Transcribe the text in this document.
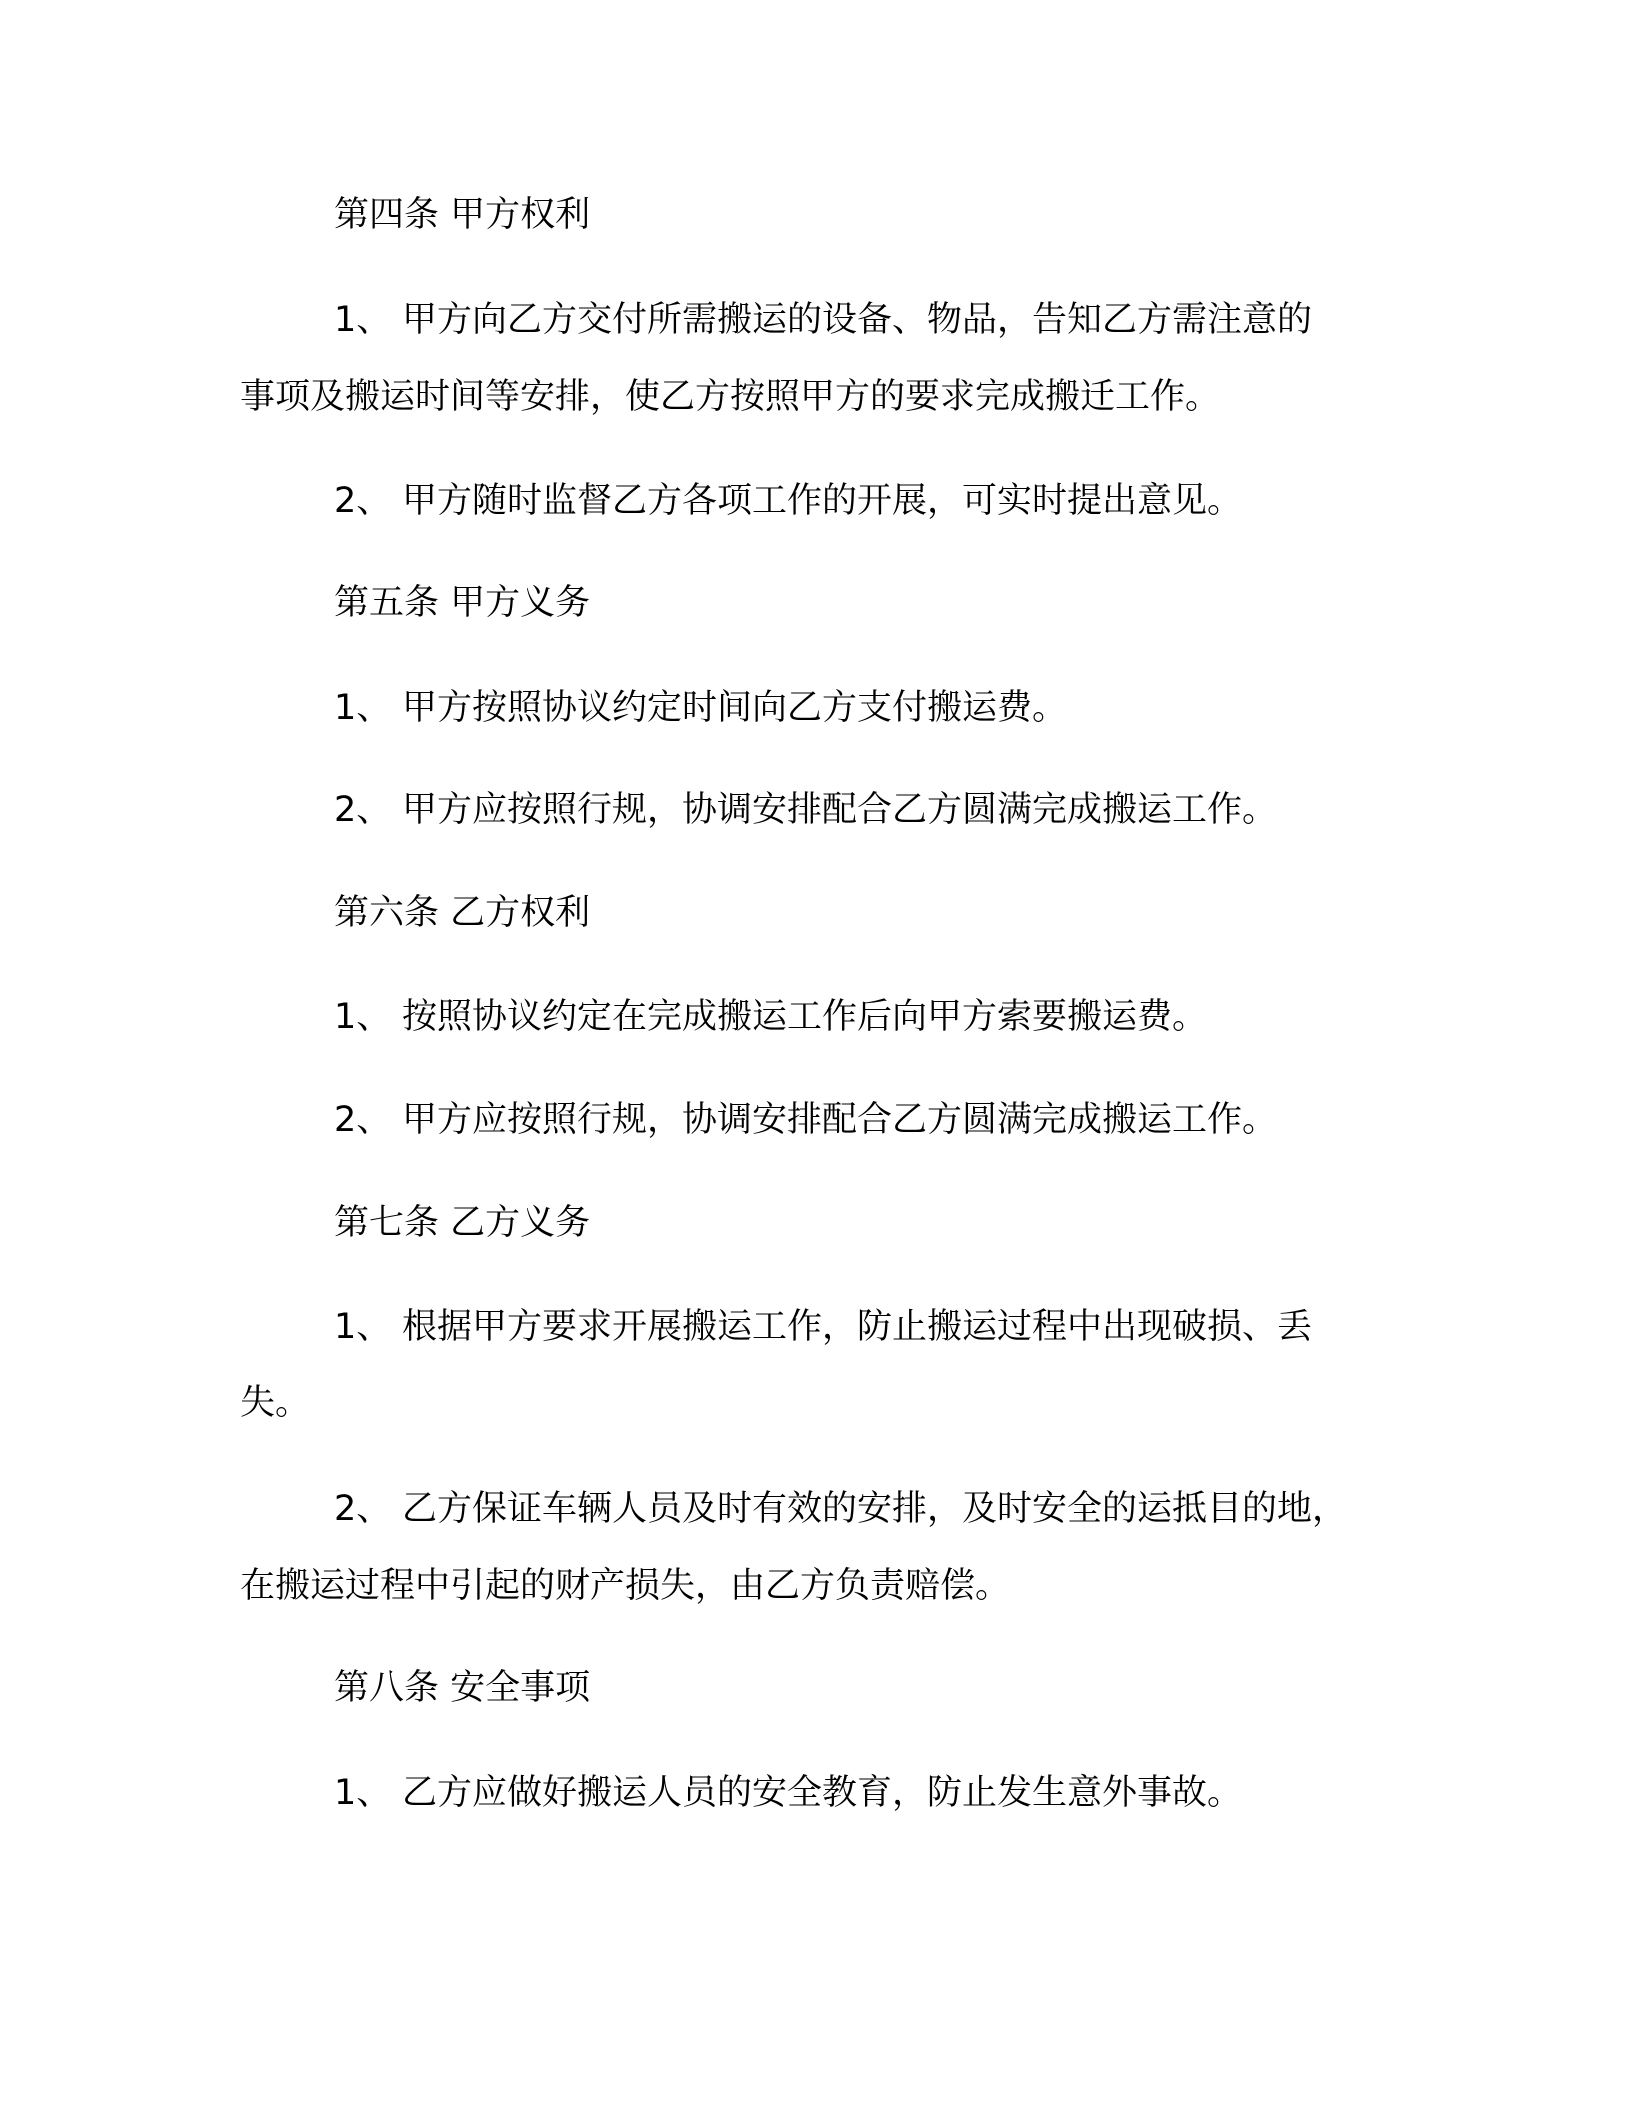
第四条 甲方权利
1、 甲方向乙方交付所需搬运的设备、物品，告知乙方需注意的
事项及搬运时间等安排，使乙方按照甲方的要求完成搬迁工作。
2、 甲方随时监督乙方各项工作的开展，可实时提出意见。
第五条 甲方义务
1、 甲方按照协议约定时间向乙方支付搬运费。
2、 甲方应按照行规，协调安排配合乙方圆满完成搬运工作。
第六条 乙方权利
1、 按照协议约定在完成搬运工作后向甲方索要搬运费。
2、 甲方应按照行规，协调安排配合乙方圆满完成搬运工作。
第七条 乙方义务
1、 根据甲方要求开展搬运工作，防止搬运过程中出现破损、丢
失。
2、 乙方保证车辆人员及时有效的安排，及时安全的运抵目的地，
在搬运过程中引起的财产损失，由乙方负责赔偿。
第八条 安全事项
1、 乙方应做好搬运人员的安全教育，防止发生意外事故。
